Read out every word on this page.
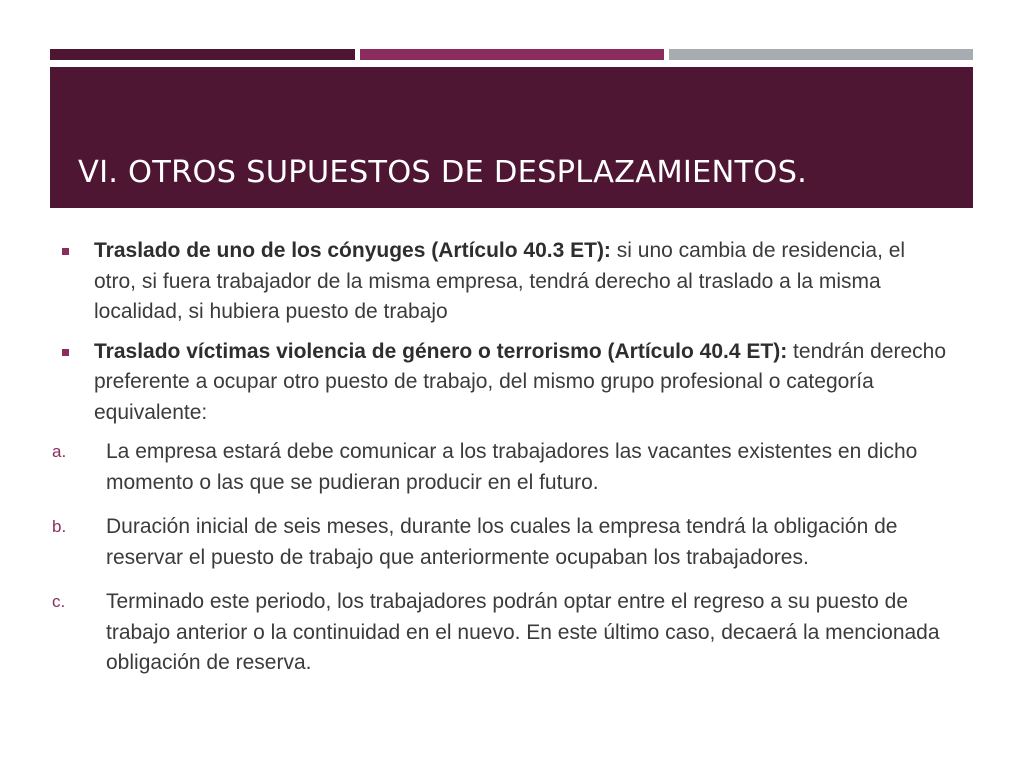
VI. OTROS SUPUESTOS DE DESPLAZAMIENTOS.
Traslado de uno de los cónyuges (Artículo 40.3 ET): si uno cambia de residencia, el otro, si fuera trabajador de la misma empresa, tendrá derecho al traslado a la misma localidad, si hubiera puesto de trabajo
Traslado víctimas violencia de género o terrorismo (Artículo 40.4 ET): tendrán derecho preferente a ocupar otro puesto de trabajo, del mismo grupo profesional o categoría equivalente:
a. La empresa estará debe comunicar a los trabajadores las vacantes existentes en dicho momento o las que se pudieran producir en el futuro.
b. Duración inicial de seis meses, durante los cuales la empresa tendrá la obligación de reservar el puesto de trabajo que anteriormente ocupaban los trabajadores.
c. Terminado este periodo, los trabajadores podrán optar entre el regreso a su puesto de trabajo anterior o la continuidad en el nuevo. En este último caso, decaerá la mencionada obligación de reserva.
